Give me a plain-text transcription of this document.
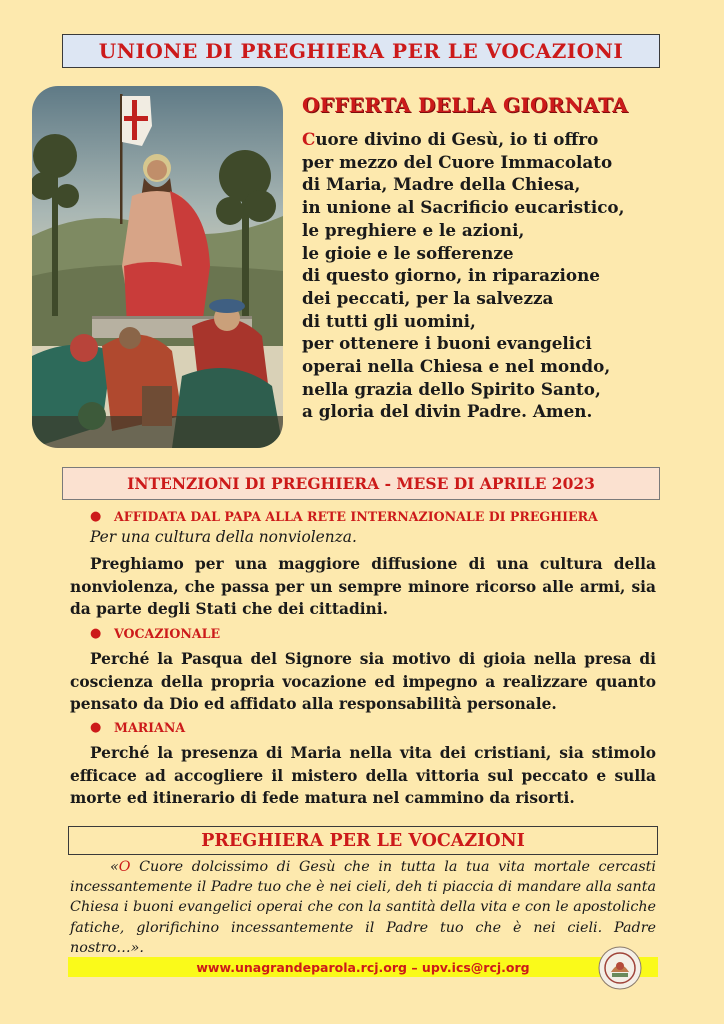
UNIONE DI PREGHIERA PER LE VOCAZIONI
OFFERTA DELLA GIORNATA
Cuore divino di Gesù, io ti offro
per mezzo del Cuore Immacolato
di Maria, Madre della Chiesa,
in unione al Sacrificio eucaristico,
le preghiere e le azioni,
le gioie e le sofferenze
di questo giorno, in riparazione
dei peccati, per la salvezza
di tutti gli uomini,
per ottenere i buoni evangelici
operai nella Chiesa e nel mondo,
nella grazia dello Spirito Santo,
a gloria del divin Padre. Amen.
INTENZIONI DI PREGHIERA - MESE DI APRILE 2023
●	AFFIDATA DAL PAPA ALLA RETE INTERNAZIONALE DI PREGHIERA
Per una cultura della nonviolenza.
Preghiamo per una maggiore diffusione di una cultura della nonviolenza, che passa per un sempre minore ricorso alle armi, sia da parte degli Stati che dei cittadini.
●	VOCAZIONALE
Perché la Pasqua del Signore sia motivo di gioia nella presa di coscienza della propria vocazione ed impegno a realizzare quanto pensato da Dio ed affidato alla responsabilità personale.
●	MARIANA
Perché la presenza di Maria nella vita dei cristiani, sia stimolo efficace ad accogliere il mistero della vittoria sul peccato e sulla morte ed itinerario di fede matura nel cammino da risorti.
PREGHIERA PER LE VOCAZIONI
«O Cuore dolcissimo di Gesù che in tutta la tua vita mortale cercasti incessantemente il Padre tuo che è nei cieli, deh ti piaccia di mandare alla santa Chiesa i buoni evangelici operai che con la santità della vita e con le apostoliche fatiche, glorifichino incessantemente il Padre tuo che è nei cieli. Padre nostro…».
www.unagrandeparola.rcj.org – upv.ics@rcj.org
